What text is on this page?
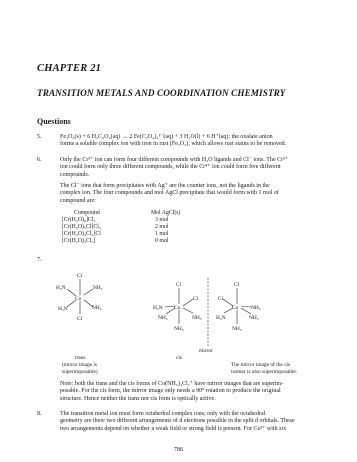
CHAPTER 21
TRANSITION METALS AND COORDINATION CHEMISTRY
Questions
5.	Fe₂O₃(s) + 6 H₂C₂O₄(aq) → 2 Fe(C₂O₄)₃³⁻(aq) + 3 H₂O(l) + 6 H⁺(aq); the oxalate anion
forms a soluble complex ion with iron in rust (Fe₂O₃), which allows rust stains to be removed.
6.	Only the Cr³⁺ ion can form four different compounds with H₂O ligands and Cl⁻ ions. The Cr²⁺
ion could form only three different compounds, while the Cr⁴⁺ ion could form five different
compounds.
The Cl⁻ ions that form precipitates with Ag⁺ are the counter ions, not the ligands in the
complex ion. The four compounds and mol AgCl precipitate that would form with 1 mol of
compound are:
Compound	Mol AgCl(s)
[Cr(H₂O)₆]Cl₃	3 mol
[Cr(H₂O)₅Cl]Cl₂	2 mol
[Cr(H₂O)₄Cl₂]Cl	1 mol
[Cr(H₂O)₃Cl₃]	0 mol
7.
Cl
H₃N	NH₃
Co
H₃N	NH₃
Cl
Cl
H₃N
Cl
Co
NH₃	NH₃
NH₃
Cl
Cl
NH₃
Co
H₃N	NH₃
NH₃
mirror
trans	cis
(mirror image is
superimposable)
The mirror image of the cis
isomer is also superimposable.
Note: both the trans and the cis forms of Co(NH₃)₄Cl₂⁺ have mirror images that are superim-
posable. For the cis form, the mirror image only needs a 90° rotation to produce the original
structure. Hence neither the trans nor cis form is optically active.
8.	The transition metal ion must form octahedral complex ions; only with the octahedral
geometry are there two different arrangements of d electrons possible in the split d orbitals. These
two arrangements depend on whether a weak field or strong field is present. For Co³⁺ with six
786
